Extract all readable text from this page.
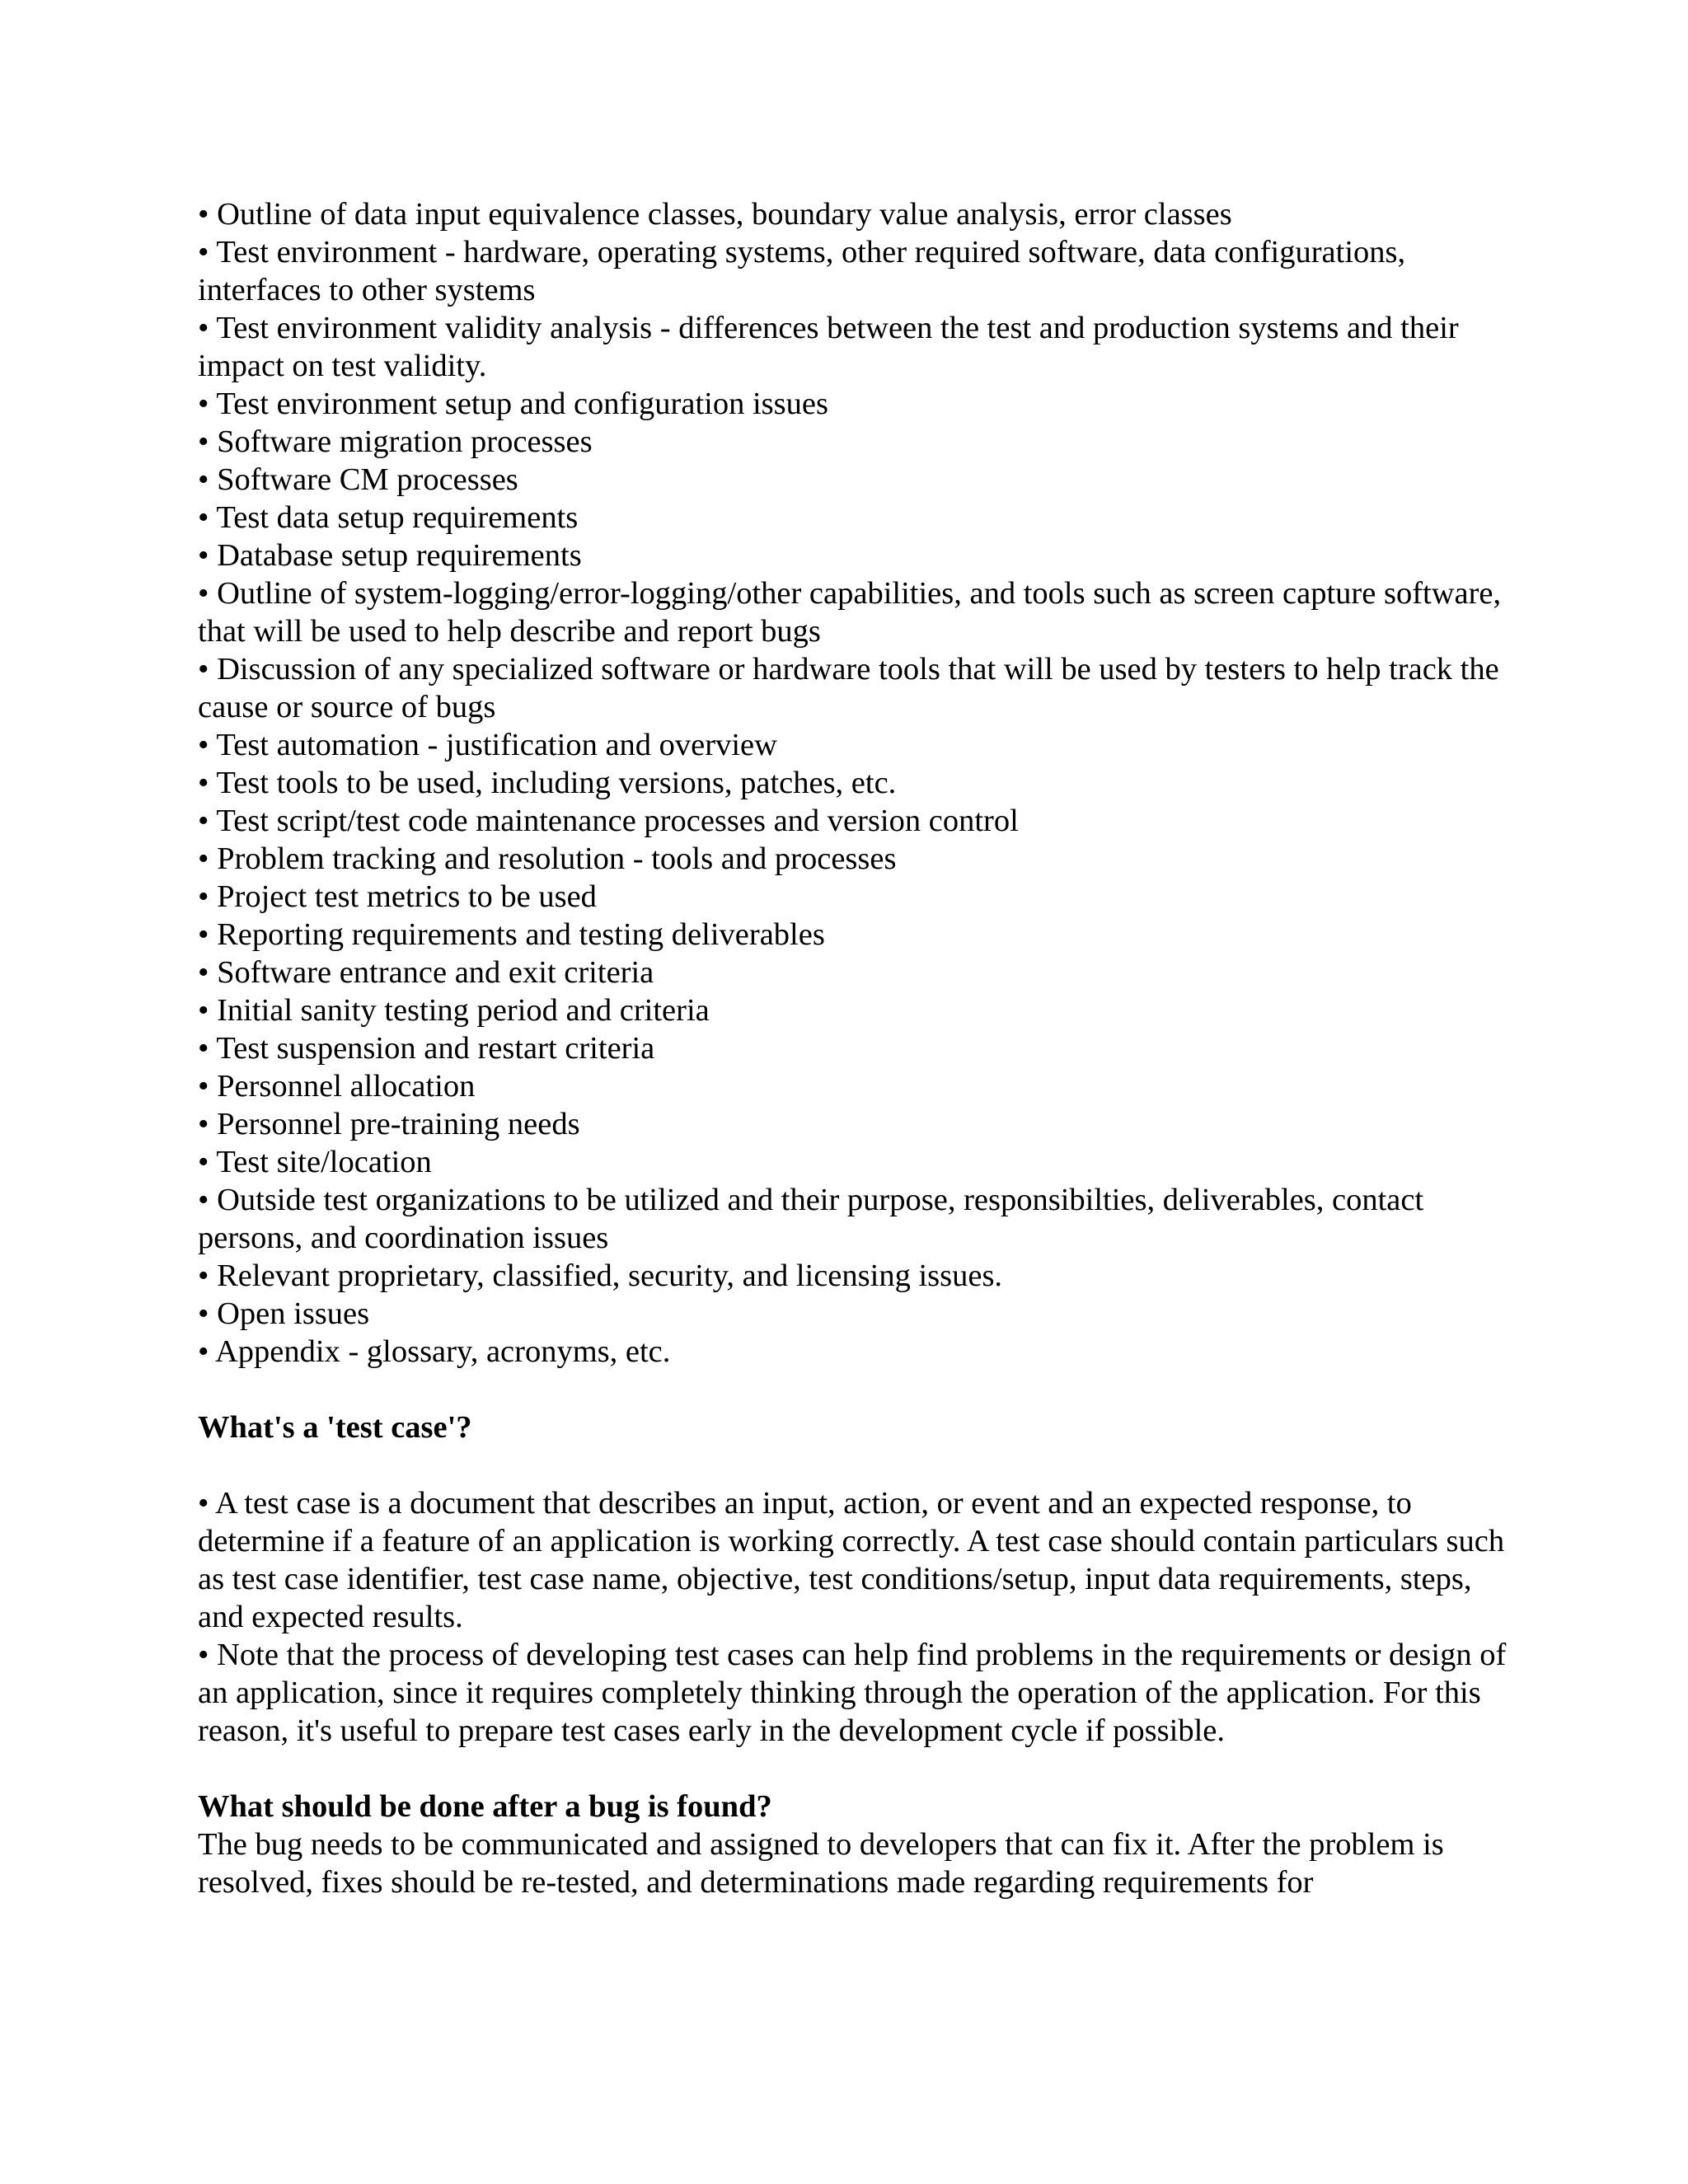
• Outline of data input equivalence classes, boundary value analysis, error classes

• Test environment - hardware, operating systems, other required software, data configurations, interfaces to other systems

• Test environment validity analysis - differences between the test and production systems and their impact on test validity.

• Test environment setup and configuration issues

• Software migration processes

• Software CM processes

• Test data setup requirements

• Database setup requirements

• Outline of system-logging/error-logging/other capabilities, and tools such as screen capture software, that will be used to help describe and report bugs

• Discussion of any specialized software or hardware tools that will be used by testers to help track the cause or source of bugs

• Test automation - justification and overview

• Test tools to be used, including versions, patches, etc.

• Test script/test code maintenance processes and version control

• Problem tracking and resolution - tools and processes

• Project test metrics to be used

• Reporting requirements and testing deliverables

• Software entrance and exit criteria

• Initial sanity testing period and criteria

• Test suspension and restart criteria

• Personnel allocation

• Personnel pre-training needs

• Test site/location

• Outside test organizations to be utilized and their purpose, responsibilties, deliverables, contact persons, and coordination issues

• Relevant proprietary, classified, security, and licensing issues.

• Open issues

• Appendix - glossary, acronyms, etc.

What's a 'test case'?

• A test case is a document that describes an input, action, or event and an expected response, to determine if a feature of an application is working correctly. A test case should contain particulars such as test case identifier, test case name, objective, test conditions/setup, input data requirements, steps, and expected results.

• Note that the process of developing test cases can help find problems in the requirements or design of an application, since it requires completely thinking through the operation of the application. For this reason, it's useful to prepare test cases early in the development cycle if possible.

What should be done after a bug is found?

The bug needs to be communicated and assigned to developers that can fix it. After the problem is resolved, fixes should be re-tested, and determinations made regarding requirements for
